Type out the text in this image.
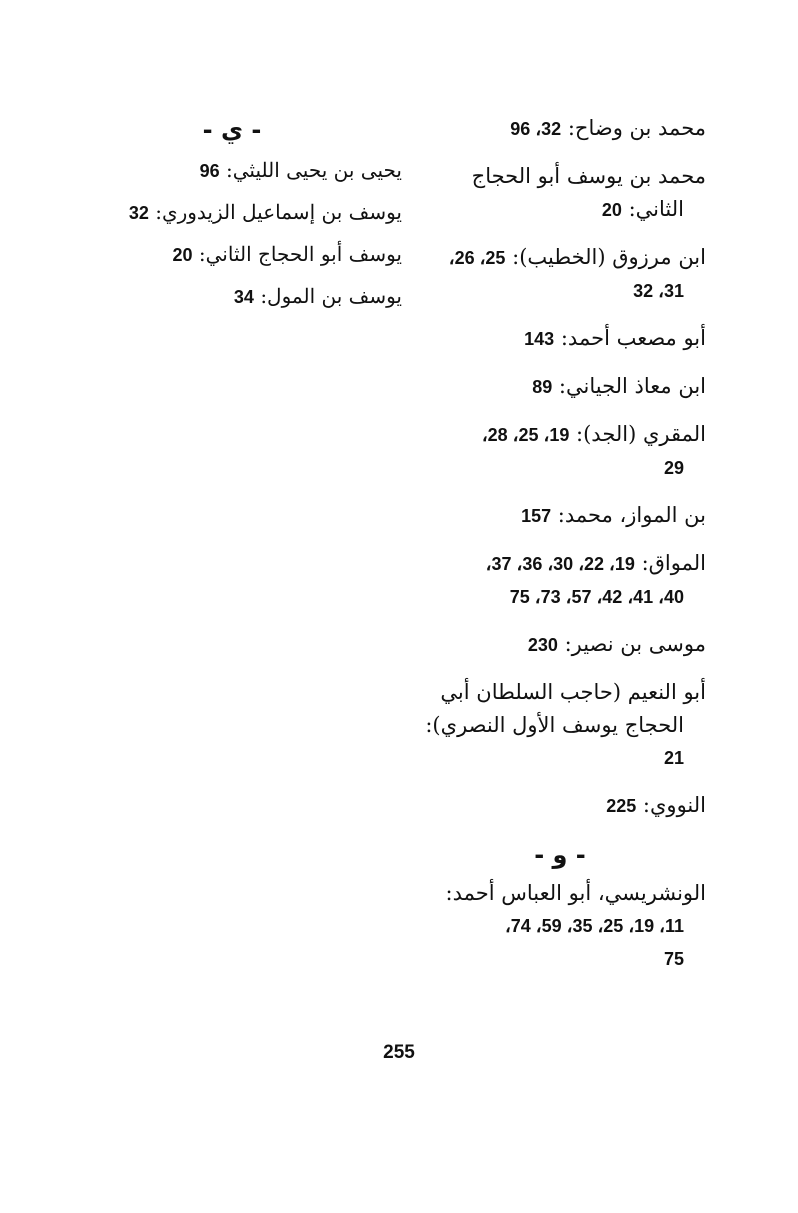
محمد بن وضاح: 32، 96
محمد بن يوسف أبو الحجاج الثاني: 20
ابن مرزوق (الخطيب): 25، 26،
31، 32
أبو مصعب أحمد: 143
ابن معاذ الجياني: 89
المقري (الجد): 19، 25، 28،
29
بن المواز، محمد: 157
المواق: 19، 22، 30، 36، 37،
40، 41، 42، 57، 73، 75
موسى بن نصير: 230
أبو النعيم (حاجب السلطان أبي الحجاج يوسف الأول النصري):
21
النووي: 225
- و -
الونشريسي، أبو العباس أحمد:
11، 19، 25، 35، 59، 74،
75
- ي -
يحيى بن يحيى الليثي: 96
يوسف بن إسماعيل الزيدوري: 32
يوسف أبو الحجاج الثاني: 20
يوسف بن المول: 34
255
